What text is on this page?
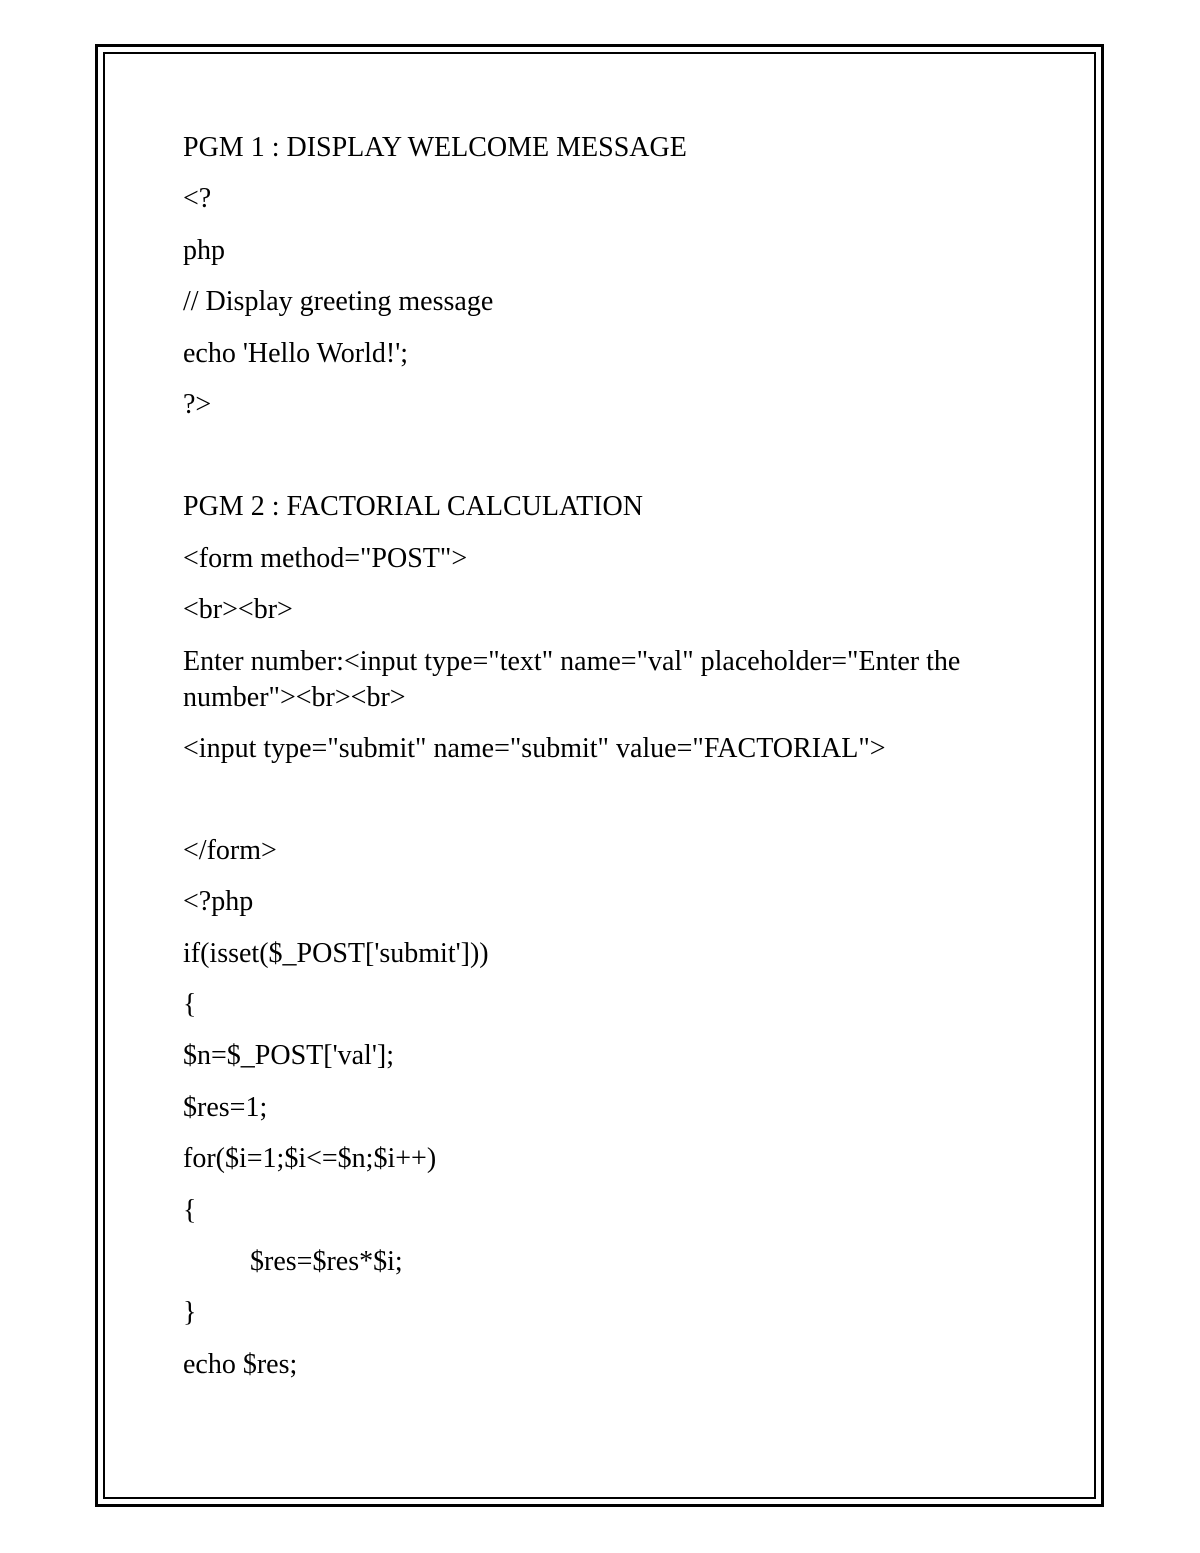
PGM 1 : DISPLAY WELCOME MESSAGE
<?
php
// Display greeting message
echo 'Hello World!';
?>
PGM 2 : FACTORIAL CALCULATION
<form method="POST">
<br><br>
Enter number:<input type="text" name="val" placeholder="Enter the number"><br><br>
<input type="submit" name="submit" value="FACTORIAL">
</form>
<?php
if(isset($_POST['submit']))
{
$n=$_POST['val'];
$res=1;
for($i=1;$i<=$n;$i++)
{
$res=$res*$i;
}
echo $res;
